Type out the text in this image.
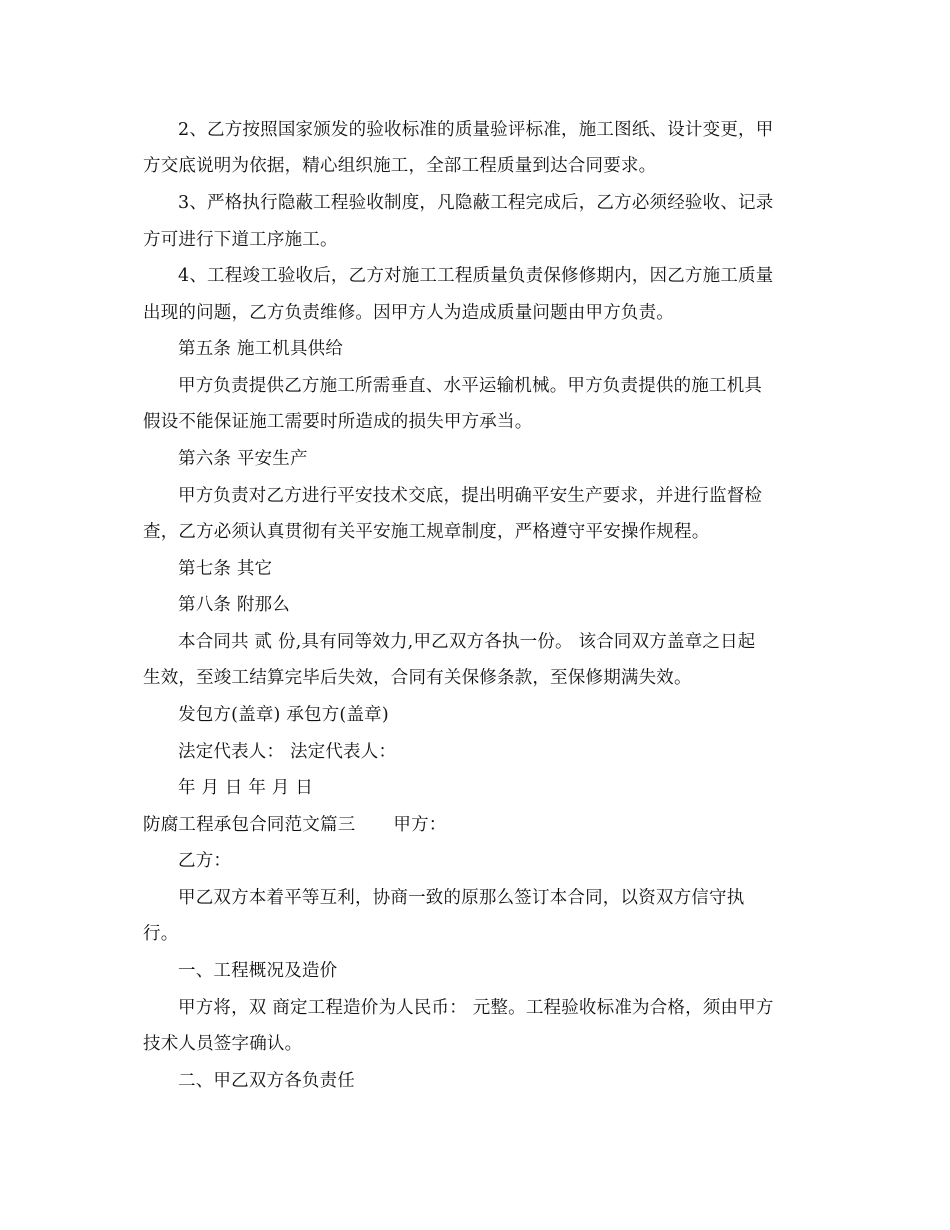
2、乙方按照国家颁发的验收标准的质量验评标准，施工图纸、设计变更，甲
方交底说明为依据，精心组织施工，全部工程质量到达合同要求。
3、严格执行隐蔽工程验收制度，凡隐蔽工程完成后，乙方必须经验收、记录
方可进行下道工序施工。
4、工程竣工验收后，乙方对施工工程质量负责保修修期内，因乙方施工质量
出现的问题，乙方负责维修。因甲方人为造成质量问题由甲方负责。
第五条 施工机具供给
甲方负责提供乙方施工所需垂直、水平运输机械。甲方负责提供的施工机具
假设不能保证施工需要时所造成的损失甲方承当。
第六条 平安生产
甲方负责对乙方进行平安技术交底，提出明确平安生产要求，并进行监督检
查，乙方必须认真贯彻有关平安施工规章制度，严格遵守平安操作规程。
第七条 其它
第八条 附那么
本合同共 贰 份,具有同等效力,甲乙双方各执一份。 该合同双方盖章之日起
生效，至竣工结算完毕后失效，合同有关保修条款，至保修期满失效。
发包方(盖章) 承包方(盖章)
法定代表人： 法定代表人：
年 月 日 年 月 日
防腐工程承包合同范文篇三 甲方：
乙方：
甲乙双方本着平等互利，协商一致的原那么签订本合同，以资双方信守执
行。
一、工程概况及造价
甲方将，双 商定工程造价为人民币： 元整。工程验收标准为合格，须由甲方
技术人员签字确认。
二、甲乙双方各负责任
